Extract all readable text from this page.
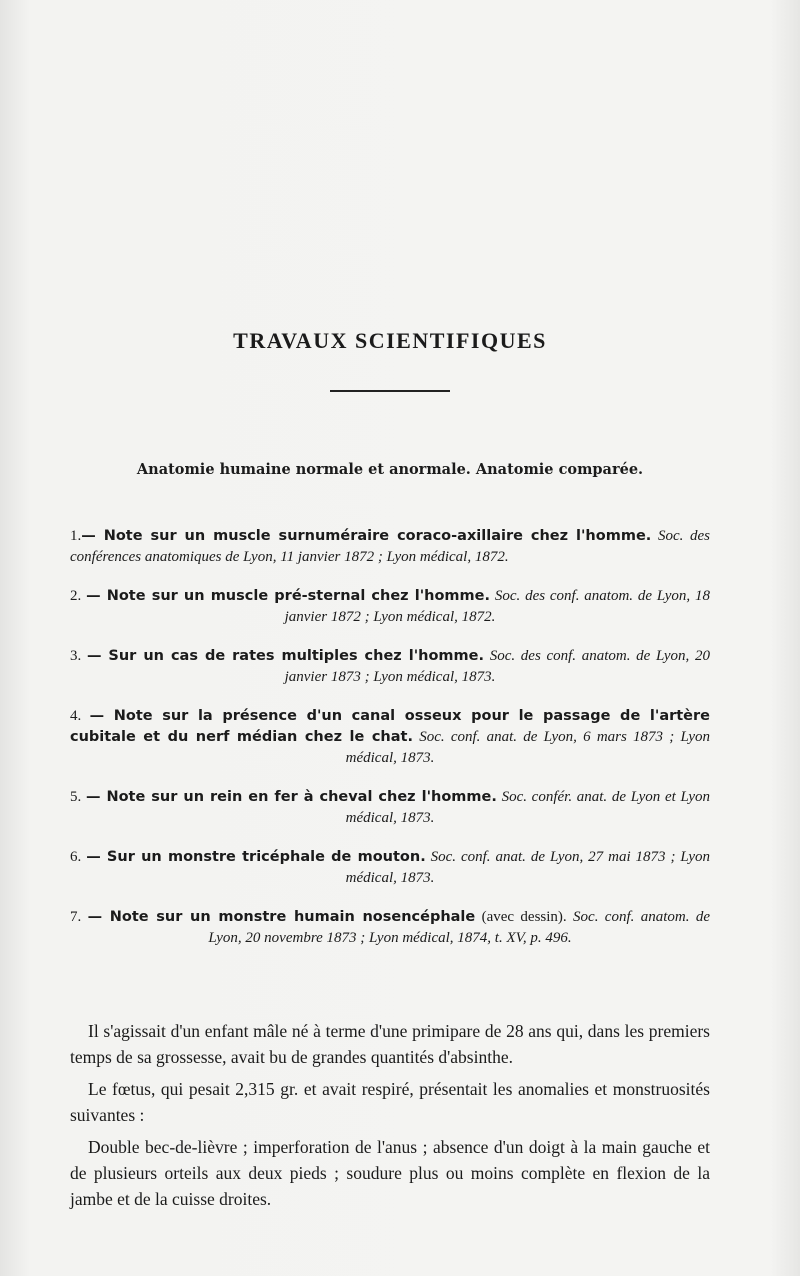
TRAVAUX SCIENTIFIQUES
Anatomie humaine normale et anormale. Anatomie comparée.
1.— Note sur un muscle surnuméraire coraco-axillaire chez l'homme. Soc. des conférences anatomiques de Lyon, 11 janvier 1872 ; Lyon médical, 1872.
2. — Note sur un muscle pré-sternal chez l'homme. Soc. des conf. anatom. de Lyon, 18 janvier 1872 ; Lyon médical, 1872.
3. — Sur un cas de rates multiples chez l'homme. Soc. des conf. anatom. de Lyon, 20 janvier 1873 ; Lyon médical, 1873.
4. — Note sur la présence d'un canal osseux pour le passage de l'artère cubitale et du nerf médian chez le chat. Soc. conf. anat. de Lyon, 6 mars 1873 ; Lyon médical, 1873.
5. — Note sur un rein en fer à cheval chez l'homme. Soc. confér. anat. de Lyon et Lyon médical, 1873.
6. — Sur un monstre tricéphale de mouton. Soc. conf. anat. de Lyon, 27 mai 1873 ; Lyon médical, 1873.
7. — Note sur un monstre humain nosencéphale (avec dessin). Soc. conf. anatom. de Lyon, 20 novembre 1873 ; Lyon médical, 1874, t. XV, p. 496.

Il s'agissait d'un enfant mâle né à terme d'une primipare de 28 ans qui, dans les premiers temps de sa grossesse, avait bu de grandes quantités d'absinthe.

Le fœtus, qui pesait 2,315 gr. et avait respiré, présentait les anomalies et monstruosités suivantes :

Double bec-de-lièvre ; imperforation de l'anus ; absence d'un doigt à la main gauche et de plusieurs orteils aux deux pieds ; soudure plus ou moins complète en flexion de la jambe et de la cuisse droites.
